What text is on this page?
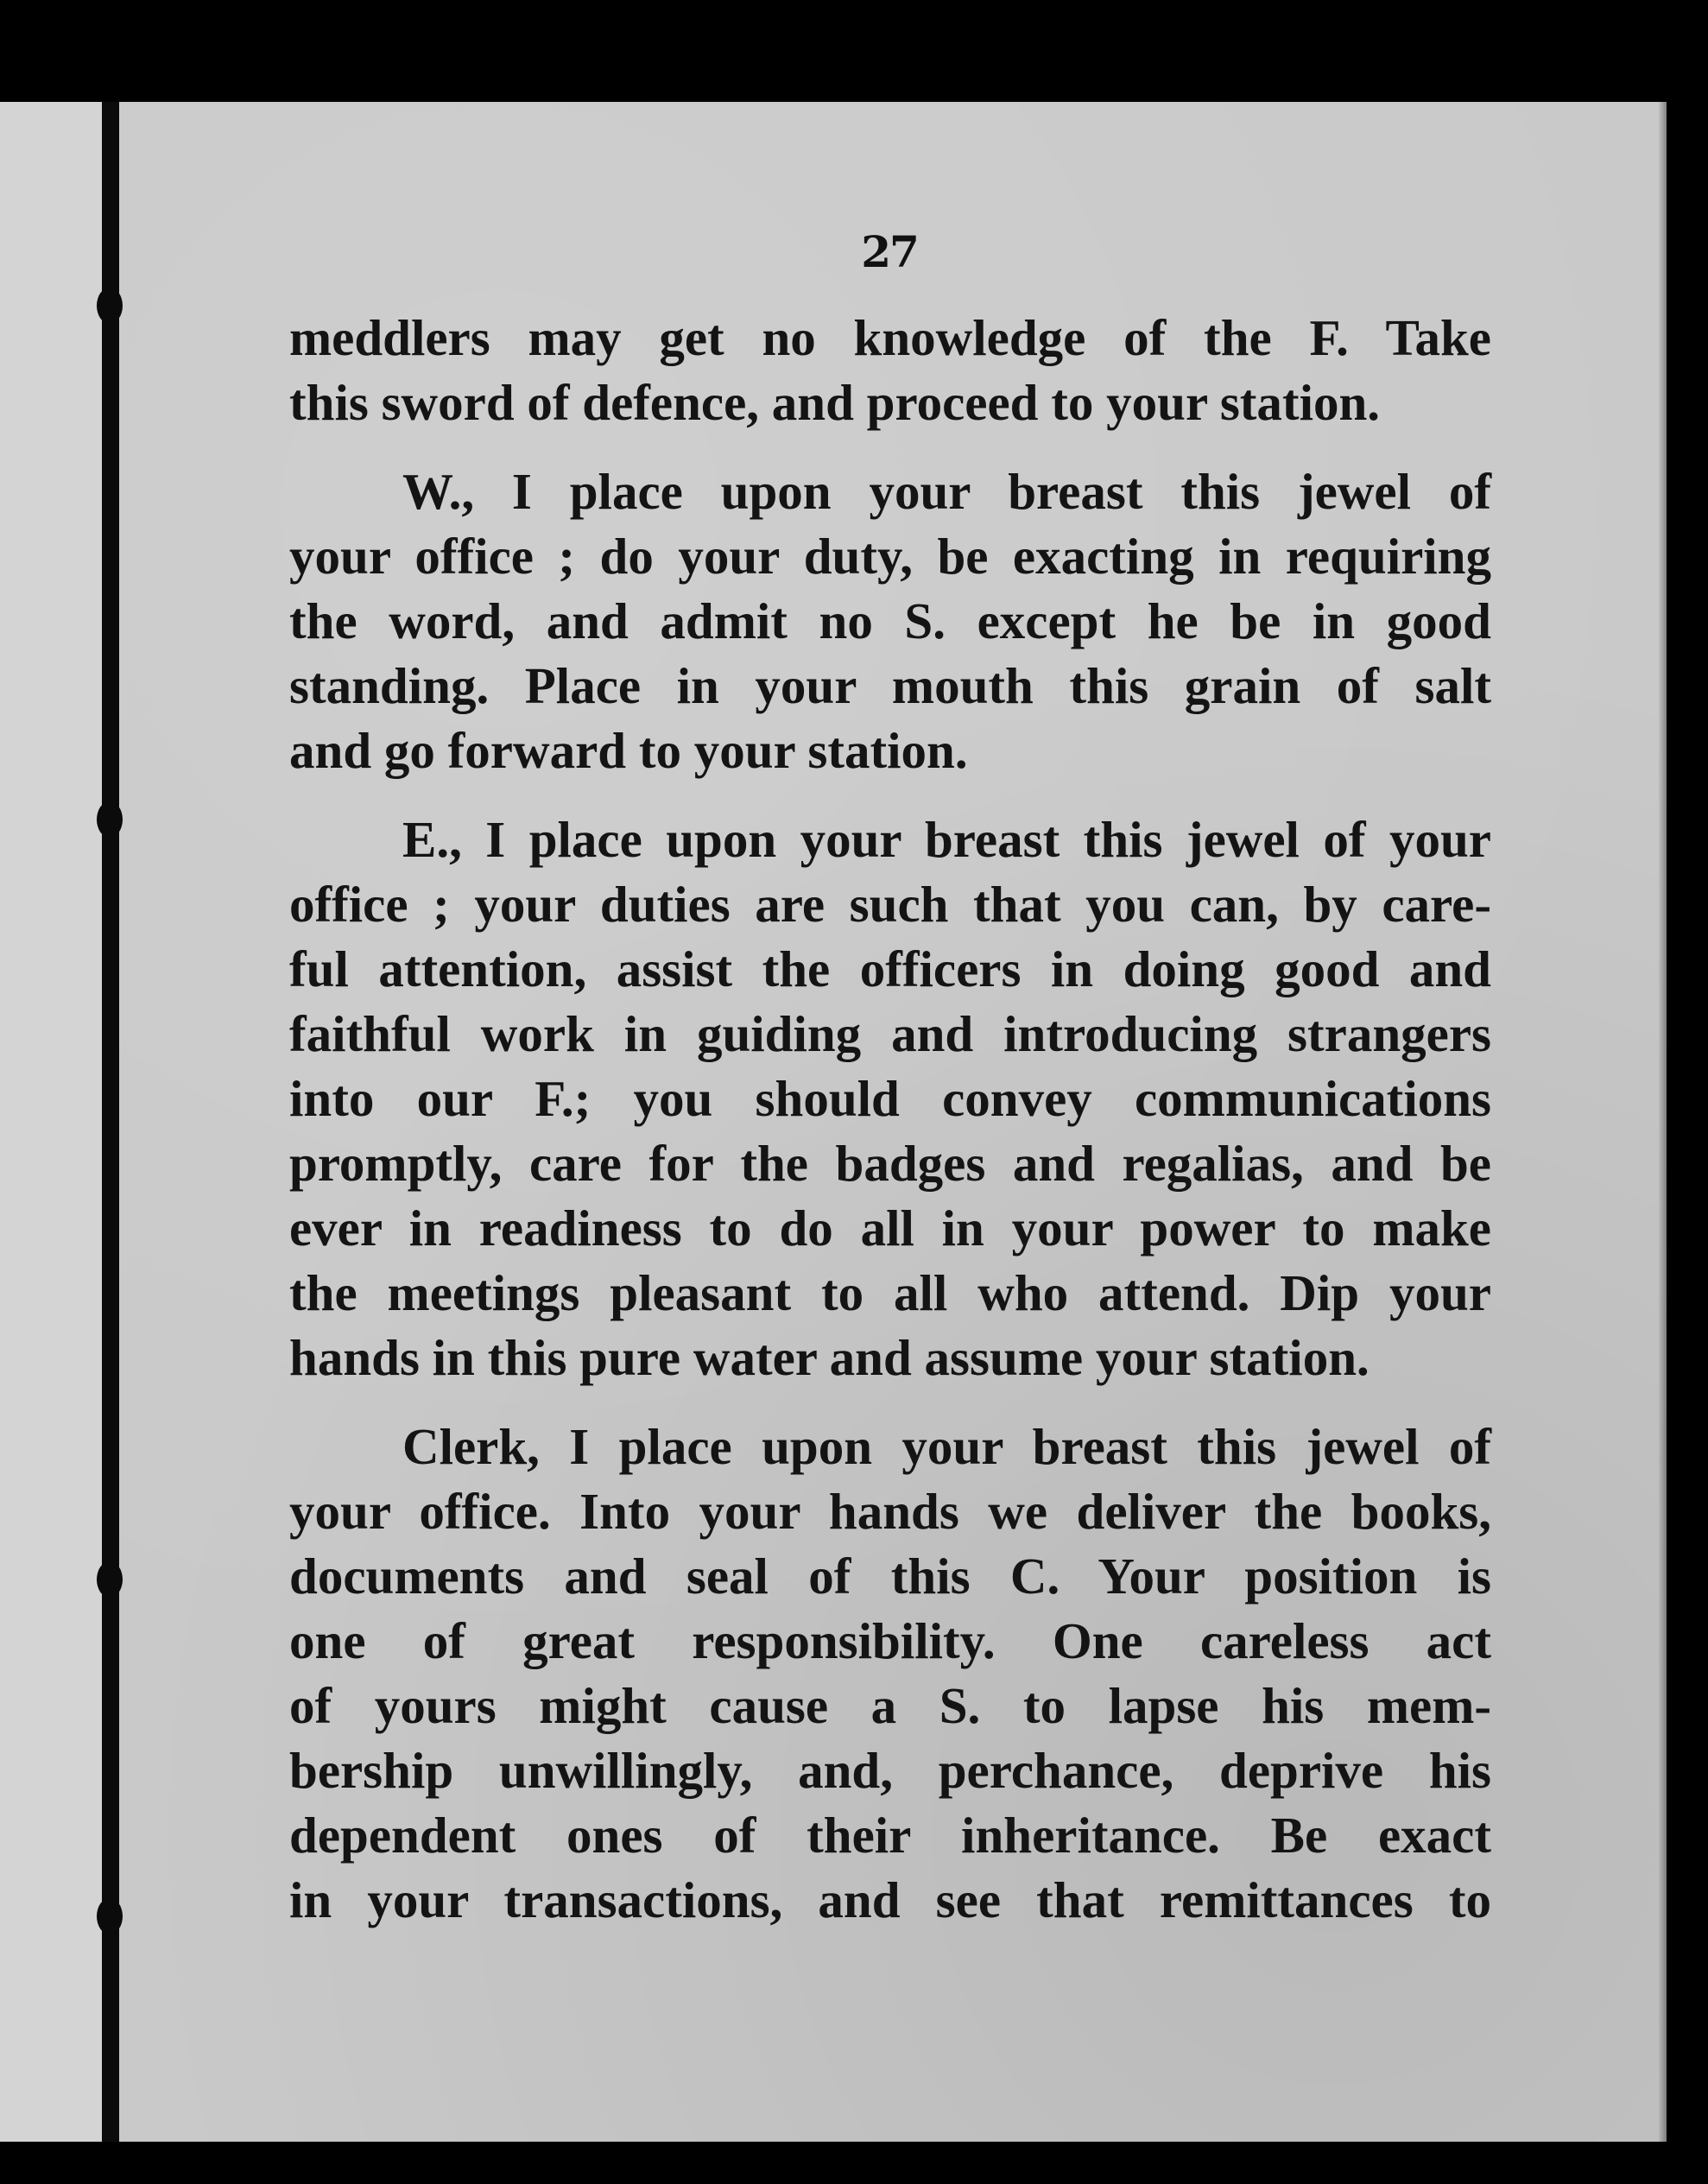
27

meddlers may get no knowledge of the F. Take
this sword of defence, and proceed to your station.

W., I place upon your breast this jewel of
your office ; do your duty, be exacting in requiring
the word, and admit no S. except he be in good
standing. Place in your mouth this grain of salt
and go forward to your station.

E., I place upon your breast this jewel of your
office ; your duties are such that you can, by care-
ful attention, assist the officers in doing good and
faithful work in guiding and introducing strangers
into our F.; you should convey communications
promptly, care for the badges and regalias, and be
ever in readiness to do all in your power to make
the meetings pleasant to all who attend. Dip your
hands in this pure water and assume your station.

Clerk, I place upon your breast this jewel of
your office. Into your hands we deliver the books,
documents and seal of this C. Your position is
one of great responsibility. One careless act
of yours might cause a S. to lapse his mem-
bership unwillingly, and, perchance, deprive his
dependent ones of their inheritance. Be exact
in your transactions, and see that remittances to
